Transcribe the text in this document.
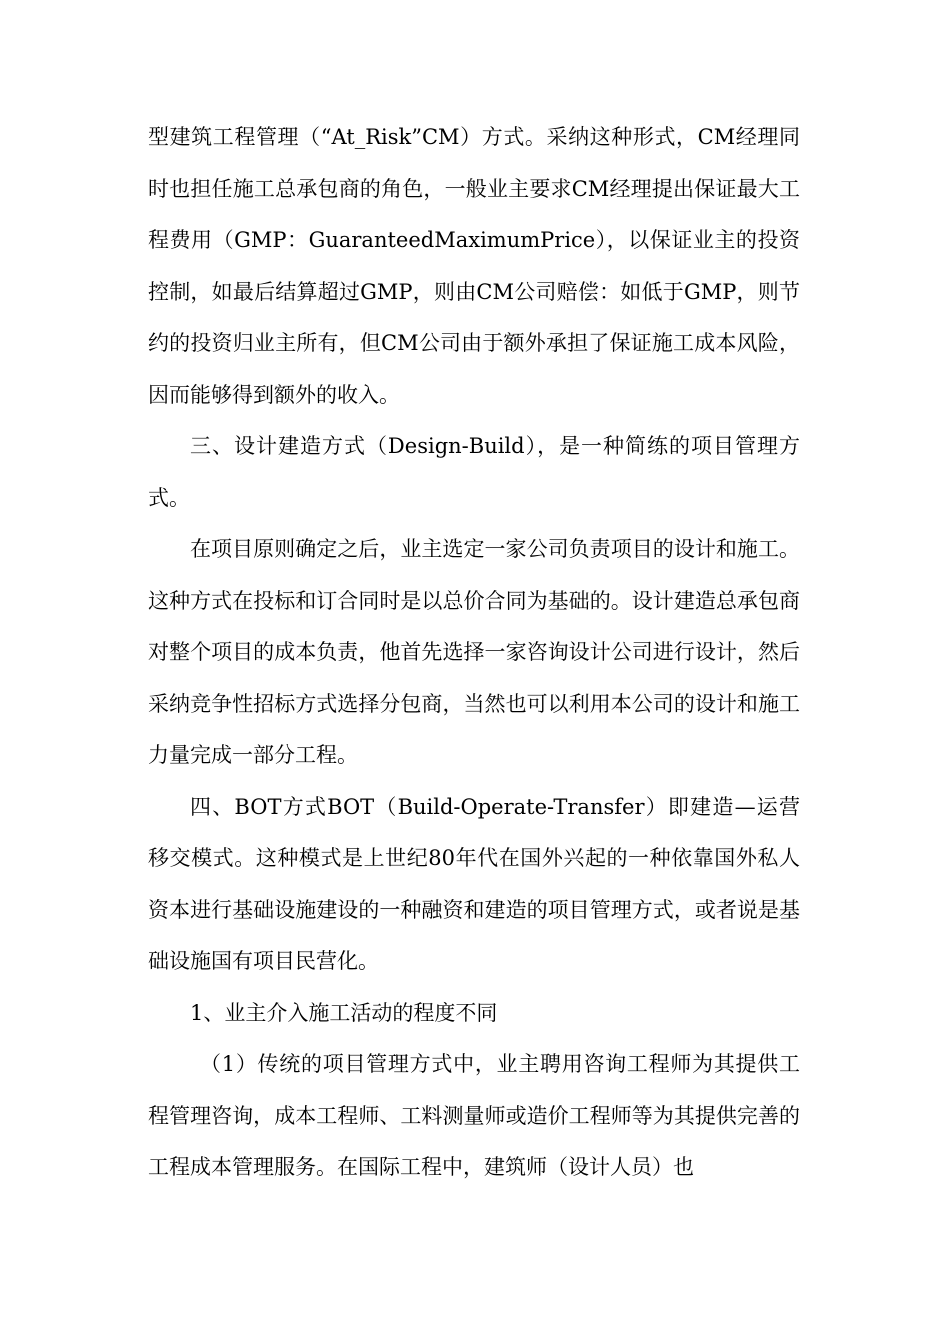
型建筑工程管理（“At_Risk”CM）方式。采纳这种形式，CM经理同时也担任施工总承包商的角色，一般业主要求CM经理提出保证最大工程费用（GMP：GuaranteedMaximumPrice），以保证业主的投资控制，如最后结算超过GMP，则由CM公司赔偿：如低于GMP，则节约的投资归业主所有，但CM公司由于额外承担了保证施工成本风险，因而能够得到额外的收入。

三、设计建造方式（Design-Build），是一种简练的项目管理方式。

在项目原则确定之后，业主选定一家公司负责项目的设计和施工。这种方式在投标和订合同时是以总价合同为基础的。设计建造总承包商对整个项目的成本负责，他首先选择一家咨询设计公司进行设计，然后采纳竞争性招标方式选择分包商，当然也可以利用本公司的设计和施工力量完成一部分工程。

四、BOT方式BOT（Build-Operate-Transfer）即建造—运营移交模式。这种模式是上世纪80年代在国外兴起的一种依靠国外私人资本进行基础设施建设的一种融资和建造的项目管理方式，或者说是基础设施国有项目民营化。

1、业主介入施工活动的程度不同

（1）传统的项目管理方式中，业主聘用咨询工程师为其提供工程管理咨询，成本工程师、工料测量师或造价工程师等为其提供完善的工程成本管理服务。在国际工程中，建筑师（设计人员）也
